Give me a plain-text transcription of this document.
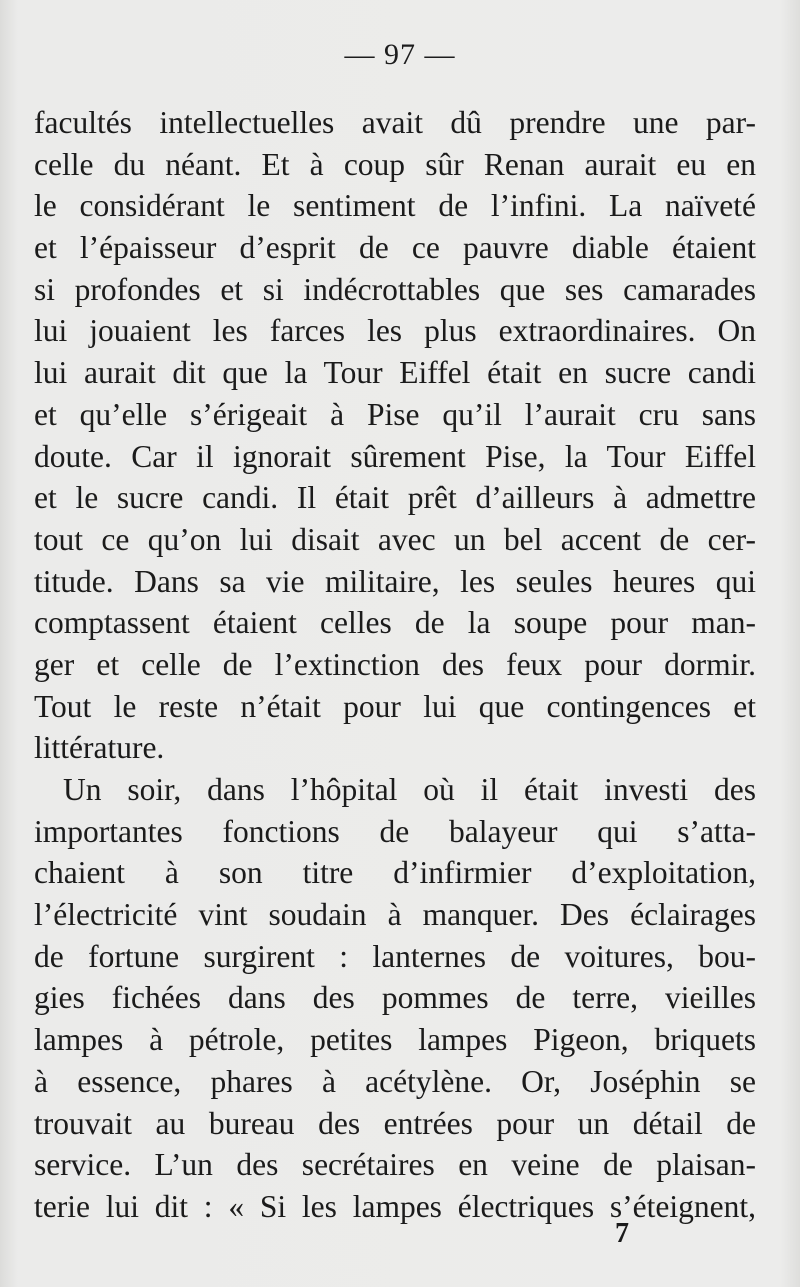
— 97 —
facultés intellectuelles avait dû prendre une par-
celle du néant. Et à coup sûr Renan aurait eu en
le considérant le sentiment de l’infini. La naïveté
et l’épaisseur d’esprit de ce pauvre diable étaient
si profondes et si indécrottables que ses camarades
lui jouaient les farces les plus extraordinaires. On
lui aurait dit que la Tour Eiffel était en sucre candi
et qu’elle s’érigeait à Pise qu’il l’aurait cru sans
doute. Car il ignorait sûrement Pise, la Tour Eiffel
et le sucre candi. Il était prêt d’ailleurs à admettre
tout ce qu’on lui disait avec un bel accent de cer-
titude. Dans sa vie militaire, les seules heures qui
comptassent étaient celles de la soupe pour man-
ger et celle de l’extinction des feux pour dormir.
Tout le reste n’était pour lui que contingences et
littérature.
Un soir, dans l’hôpital où il était investi des
importantes fonctions de balayeur qui s’atta-
chaient à son titre d’infirmier d’exploitation,
l’électricité vint soudain à manquer. Des éclairages
de fortune surgirent : lanternes de voitures, bou-
gies fichées dans des pommes de terre, vieilles
lampes à pétrole, petites lampes Pigeon, briquets
à essence, phares à acétylène. Or, Joséphin se
trouvait au bureau des entrées pour un détail de
service. L’un des secrétaires en veine de plaisan-
terie lui dit : « Si les lampes électriques s’éteignent,
7
